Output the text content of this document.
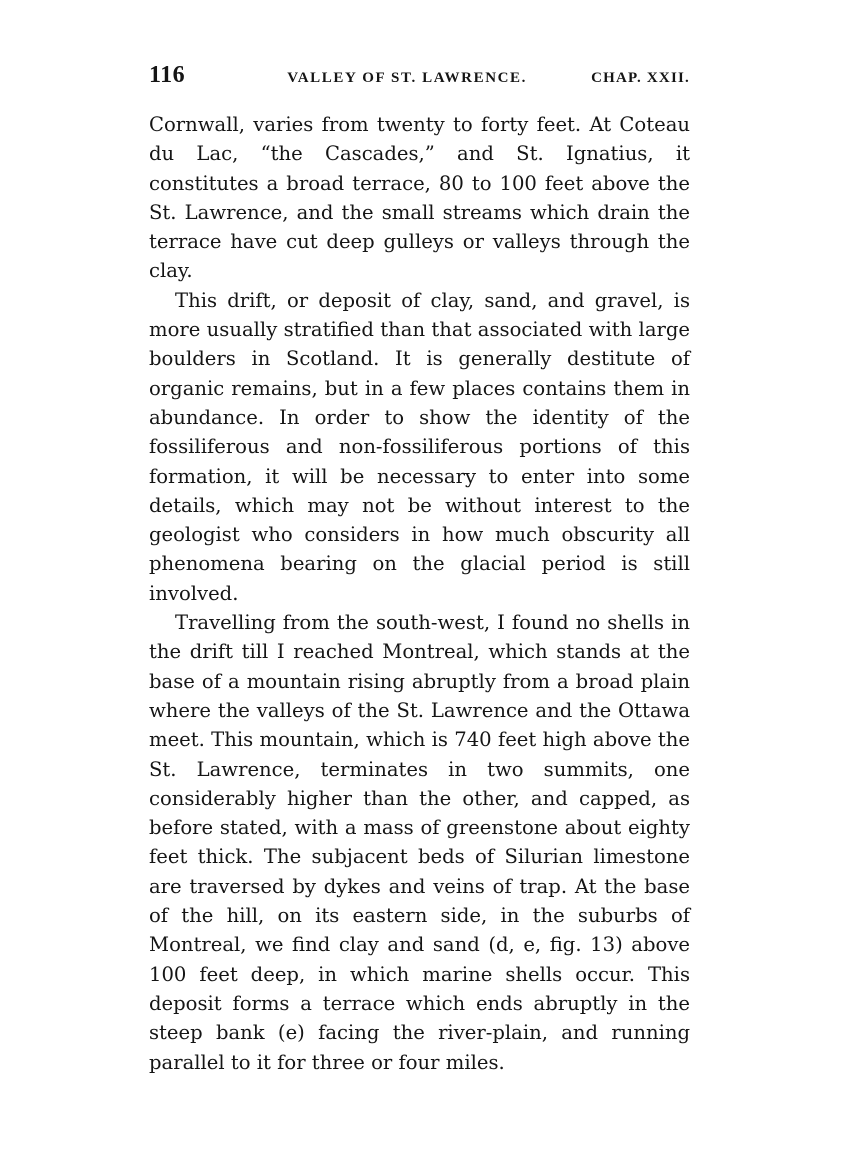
116	VALLEY OF ST. LAWRENCE.	CHAP. XXII.

Cornwall, varies from twenty to forty feet. At Coteau du Lac, “the Cascades,” and St. Ignatius, it constitutes a broad terrace, 80 to 100 feet above the St. Lawrence, and the small streams which drain the terrace have cut deep gulleys or valleys through the clay.

This drift, or deposit of clay, sand, and gravel, is more usually stratified than that associated with large boulders in Scotland. It is generally destitute of organic remains, but in a few places contains them in abundance. In order to show the identity of the fossiliferous and non-fossiliferous portions of this formation, it will be necessary to enter into some details, which may not be without interest to the geologist who considers in how much obscurity all phenomena bearing on the glacial period is still involved.

Travelling from the south-west, I found no shells in the drift till I reached Montreal, which stands at the base of a mountain rising abruptly from a broad plain where the valleys of the St. Lawrence and the Ottawa meet. This mountain, which is 740 feet high above the St. Lawrence, terminates in two summits, one considerably higher than the other, and capped, as before stated, with a mass of greenstone about eighty feet thick. The subjacent beds of Silurian limestone are traversed by dykes and veins of trap. At the base of the hill, on its eastern side, in the suburbs of Montreal, we find clay and sand (d, e, fig. 13) above 100 feet deep, in which marine shells occur. This deposit forms a terrace which ends abruptly in the steep bank (e) facing the river-plain, and running parallel to it for three or four miles.
